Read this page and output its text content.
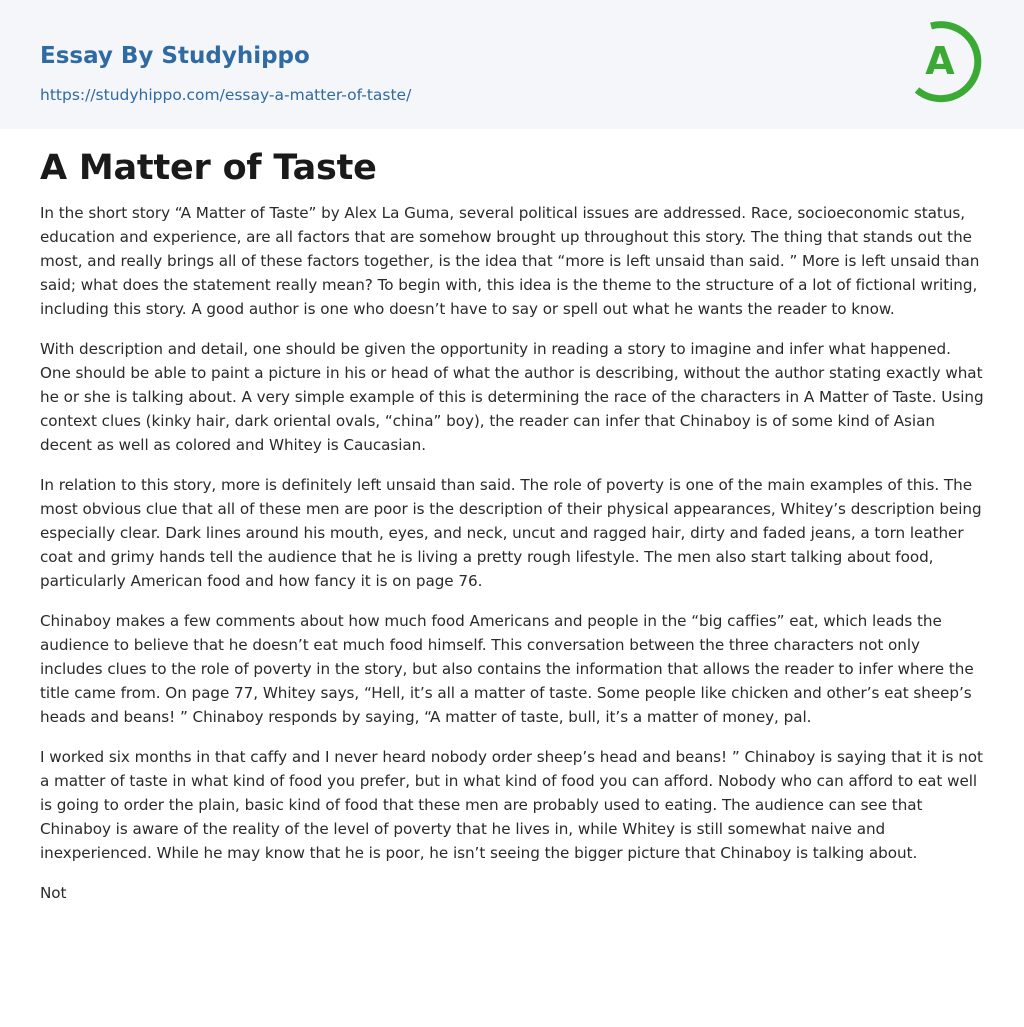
Essay By Studyhippo
https://studyhippo.com/essay-a-matter-of-taste/
A
A Matter of Taste

In the short story “A Matter of Taste” by Alex La Guma, several political issues are addressed. Race, socioeconomic status, education and experience, are all factors that are somehow brought up throughout this story. The thing that stands out the most, and really brings all of these factors together, is the idea that “more is left unsaid than said. ” More is left unsaid than said; what does the statement really mean? To begin with, this idea is the theme to the structure of a lot of fictional writing, including this story. A good author is one who doesn’t have to say or spell out what he wants the reader to know.

With description and detail, one should be given the opportunity in reading a story to imagine and infer what happened. One should be able to paint a picture in his or head of what the author is describing, without the author stating exactly what he or she is talking about. A very simple example of this is determining the race of the characters in A Matter of Taste. Using context clues (kinky hair, dark oriental ovals, “china” boy), the reader can infer that Chinaboy is of some kind of Asian decent as well as colored and Whitey is Caucasian.

In relation to this story, more is definitely left unsaid than said. The role of poverty is one of the main examples of this. The most obvious clue that all of these men are poor is the description of their physical appearances, Whitey’s description being especially clear. Dark lines around his mouth, eyes, and neck, uncut and ragged hair, dirty and faded jeans, a torn leather coat and grimy hands tell the audience that he is living a pretty rough lifestyle. The men also start talking about food, particularly American food and how fancy it is on page 76.

Chinaboy makes a few comments about how much food Americans and people in the “big caffies” eat, which leads the audience to believe that he doesn’t eat much food himself. This conversation between the three characters not only includes clues to the role of poverty in the story, but also contains the information that allows the reader to infer where the title came from. On page 77, Whitey says, “Hell, it’s all a matter of taste. Some people like chicken and other’s eat sheep’s heads and beans! ” Chinaboy responds by saying, “A matter of taste, bull, it’s a matter of money, pal.

I worked six months in that caffy and I never heard nobody order sheep’s head and beans! ” Chinaboy is saying that it is not a matter of taste in what kind of food you prefer, but in what kind of food you can afford. Nobody who can afford to eat well is going to order the plain, basic kind of food that these men are probably used to eating. The audience can see that Chinaboy is aware of the reality of the level of poverty that he lives in, while Whitey is still somewhat naive and inexperienced. While he may know that he is poor, he isn’t seeing the bigger picture that Chinaboy is talking about.

Not
